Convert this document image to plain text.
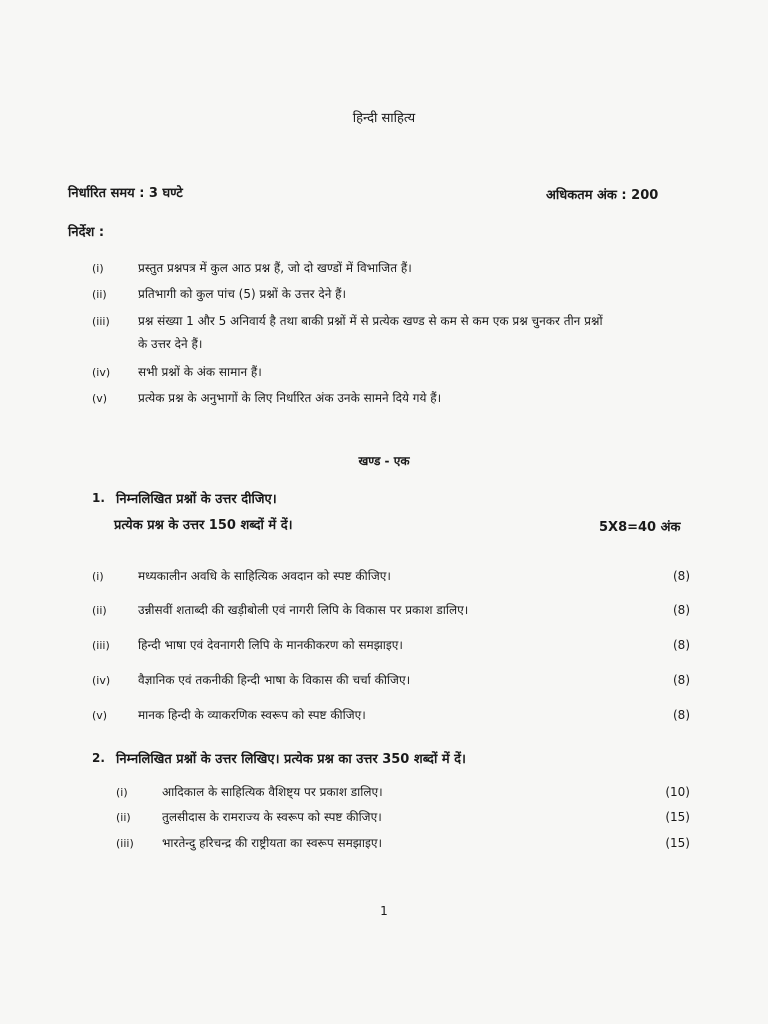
हिन्दी साहित्य
निर्धारित समय : 3 घण्टे	अधिकतम अंक : 200
निर्देश :
(i)	प्रस्तुत प्रश्नपत्र में कुल आठ प्रश्न हैं, जो दो खण्डों में विभाजित हैं।
(ii)	प्रतिभागी को कुल पांच (5) प्रश्नों के उत्तर देने हैं।
(iii) प्रश्न संख्या 1 और 5 अनिवार्य है तथा बाकी प्रश्नों में से प्रत्येक खण्ड से कम से कम एक प्रश्न चुनकर तीन प्रश्नों
के उत्तर देने हैं।
(iv) सभी प्रश्नों के अंक सामान हैं।
(v)	प्रत्येक प्रश्न के अनुभागों के लिए निर्धारित अंक उनके सामने दिये गये हैं।
खण्ड - एक
1. निम्नलिखित प्रश्नों के उत्तर दीजिए।
प्रत्येक प्रश्न के उत्तर 150 शब्दों में दें।	5X8=40 अंक
(i)	मध्यकालीन अवधि के साहित्यिक अवदान को स्पष्ट कीजिए।	(8)
(ii)	उन्नीसवीं शताब्दी की खड़ीबोली एवं नागरी लिपि के विकास पर प्रकाश डालिए।	(8)
(iii) हिन्दी भाषा एवं देवनागरी लिपि के मानकीकरण को समझाइए।	(8)
(iv) वैज्ञानिक एवं तकनीकी हिन्दी भाषा के विकास की चर्चा कीजिए।	(8)
(v)	मानक हिन्दी के व्याकरणिक स्वरूप को स्पष्ट कीजिए।	(8)
2. निम्नलिखित प्रश्नों के उत्तर लिखिए। प्रत्येक प्रश्न का उत्तर 350 शब्दों में दें।
(i)	आदिकाल के साहित्यिक वैशिष्ट्य पर प्रकाश डालिए।	(10)
(ii)	तुलसीदास के रामराज्य के स्वरूप को स्पष्ट कीजिए।	(15)
(iii) भारतेन्दु हरिचन्द्र की राष्ट्रीयता का स्वरूप समझाइए।	(15)
1
